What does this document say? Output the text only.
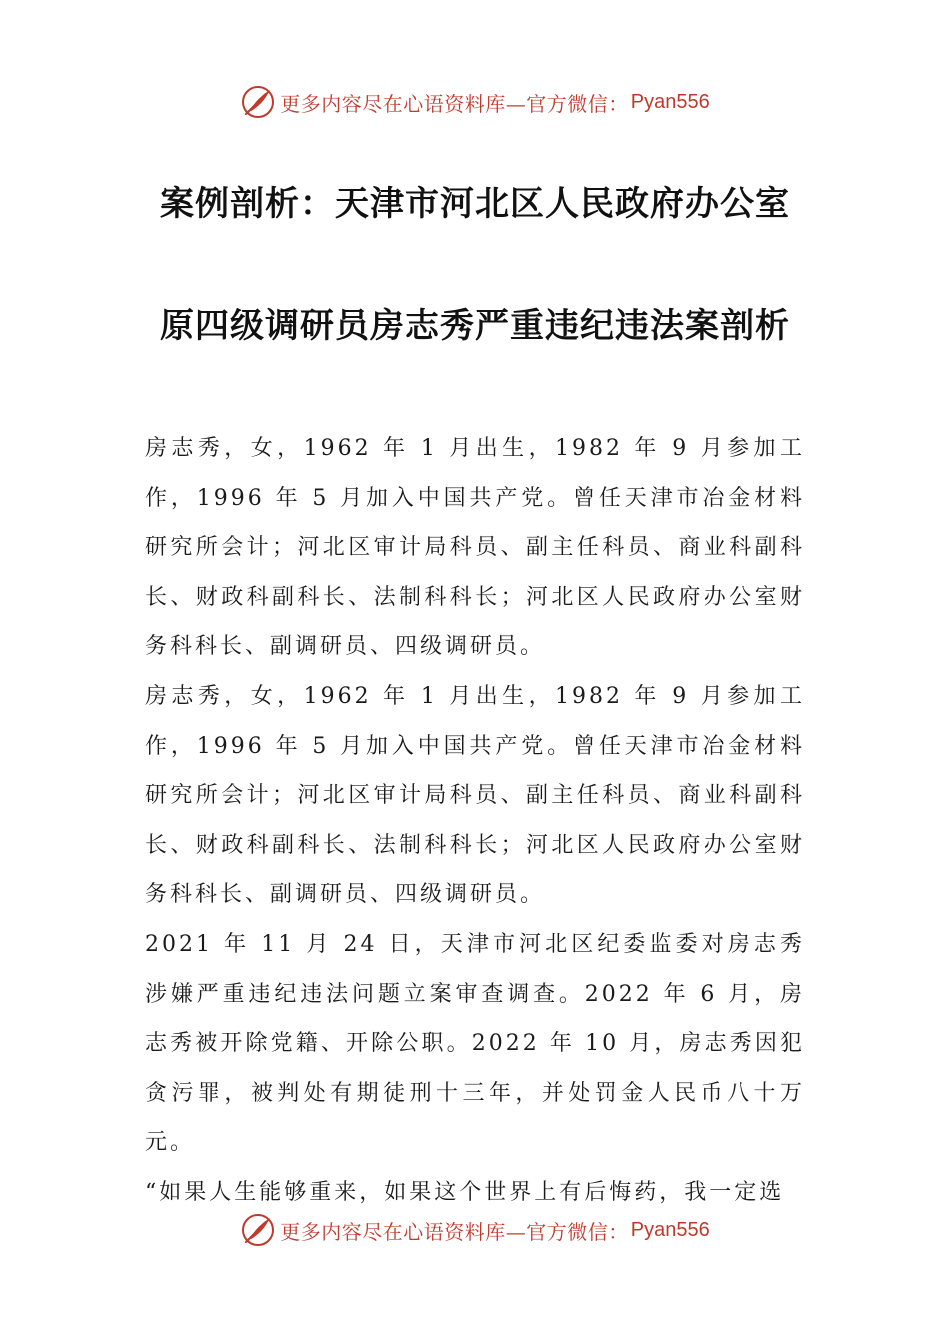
更多内容尽在心语资料库—官方微信： Pyan556
案例剖析：天津市河北区人民政府办公室
原四级调研员房志秀严重违纪违法案剖析

房志秀，女，1962 年 1 月出生，1982 年 9 月参加工作，1996 年 5 月加入中国共产党。曾任天津市冶金材料研究所会计；河北区审计局科员、副主任科员、商业科副科长、财政科副科长、法制科科长；河北区人民政府办公室财务科科长、副调研员、四级调研员。

房志秀，女，1962 年 1 月出生，1982 年 9 月参加工作，1996 年 5 月加入中国共产党。曾任天津市冶金材料研究所会计；河北区审计局科员、副主任科员、商业科副科长、财政科副科长、法制科科长；河北区人民政府办公室财务科科长、副调研员、四级调研员。

2021 年 11 月 24 日，天津市河北区纪委监委对房志秀涉嫌严重违纪违法问题立案审查调查。2022 年 6 月，房志秀被开除党籍、开除公职。2022 年 10 月，房志秀因犯贪污罪，被判处有期徒刑十三年，并处罚金人民币八十万元。

“如果人生能够重来，如果这个世界上有后悔药，我一定选

更多内容尽在心语资料库—官方微信： Pyan556
